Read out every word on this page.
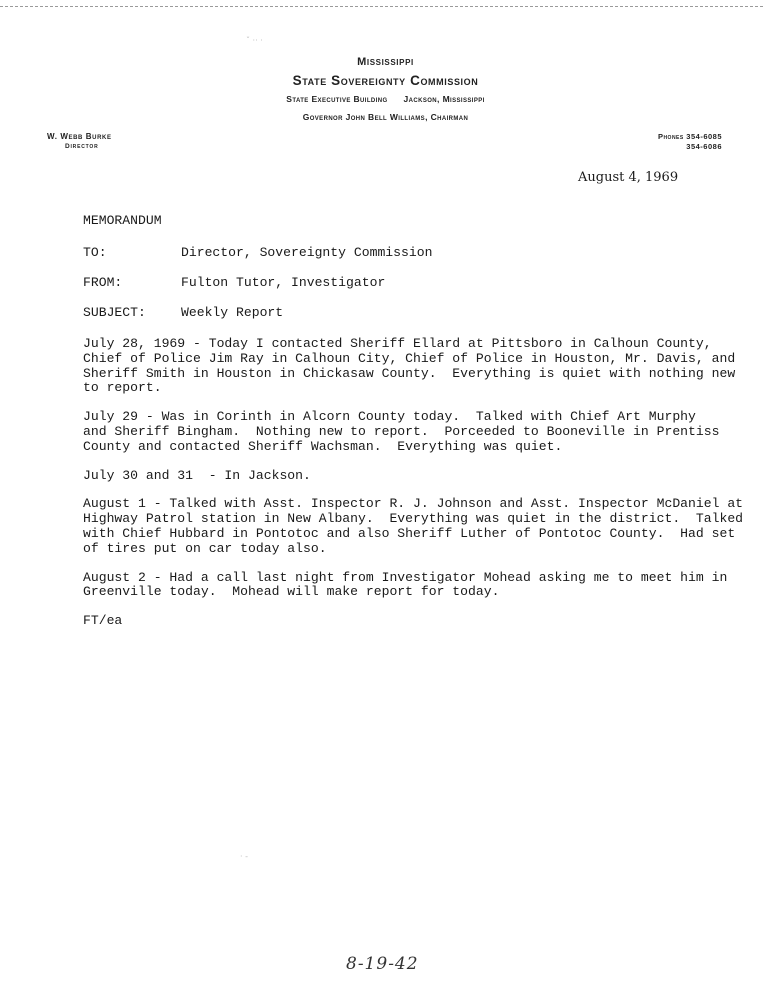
ˇ ·· ·
· -
Mississippi
State Sovereignty Commission
State Executive Building Jackson, Mississippi
Governor John Bell Williams, Chairman
W. Webb Burke
Director
Phones 354-6085
354-6086
August 4, 1969
MEMORANDUM
TO:	Director, Sovereignty Commission
FROM:	Fulton Tutor, Investigator
SUBJECT:	Weekly Report
July 28, 1969 - Today I contacted Sheriff Ellard at Pittsboro in Calhoun County,
Chief of Police Jim Ray in Calhoun City, Chief of Police in Houston, Mr. Davis, and
Sheriff Smith in Houston in Chickasaw County.  Everything is quiet with nothing new
to report.
July 29 - Was in Corinth in Alcorn County today.  Talked with Chief Art Murphy
and Sheriff Bingham.  Nothing new to report.  Porceeded to Booneville in Prentiss
County and contacted Sheriff Wachsman.  Everything was quiet.
July 30 and 31  - In Jackson.
August 1 - Talked with Asst. Inspector R. J. Johnson and Asst. Inspector McDaniel at
Highway Patrol station in New Albany.  Everything was quiet in the district.  Talked
with Chief Hubbard in Pontotoc and also Sheriff Luther of Pontotoc County.  Had set
of tires put on car today also.
August 2 - Had a call last night from Investigator Mohead asking me to meet him in
Greenville today.  Mohead will make report for today.
FT/ea
8-19-42
